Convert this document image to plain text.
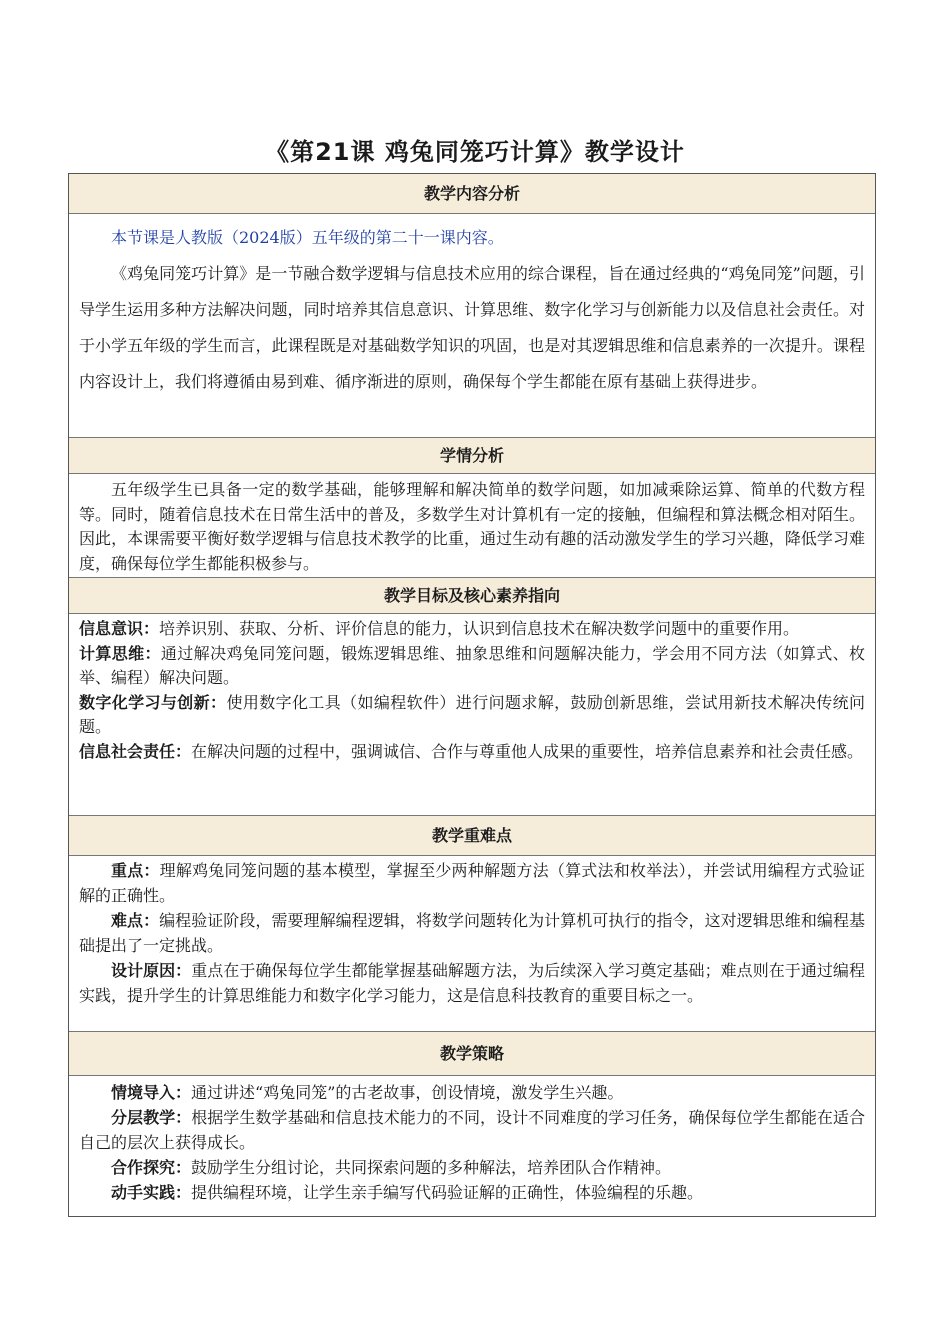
《第21课 鸡兔同笼巧计算》教学设计
教学内容分析

本节课是人教版（2024版）五年级的第二十一课内容。

《鸡兔同笼巧计算》是一节融合数学逻辑与信息技术应用的综合课程，旨在通过经典的“鸡兔同笼”问题，引导学生运用多种方法解决问题，同时培养其信息意识、计算思维、数字化学习与创新能力以及信息社会责任。对于小学五年级的学生而言，此课程既是对基础数学知识的巩固，也是对其逻辑思维和信息素养的一次提升。课程内容设计上，我们将遵循由易到难、循序渐进的原则，确保每个学生都能在原有基础上获得进步。

学情分析

五年级学生已具备一定的数学基础，能够理解和解决简单的数学问题，如加减乘除运算、简单的代数方程等。同时，随着信息技术在日常生活中的普及，多数学生对计算机有一定的接触，但编程和算法概念相对陌生。因此，本课需要平衡好数学逻辑与信息技术教学的比重，通过生动有趣的活动激发学生的学习兴趣，降低学习难度，确保每位学生都能积极参与。

教学目标及核心素养指向

信息意识：培养识别、获取、分析、评价信息的能力，认识到信息技术在解决数学问题中的重要作用。

计算思维：通过解决鸡兔同笼问题，锻炼逻辑思维、抽象思维和问题解决能力，学会用不同方法（如算式、枚举、编程）解决问题。

数字化学习与创新：使用数字化工具（如编程软件）进行问题求解，鼓励创新思维，尝试用新技术解决传统问题。

信息社会责任：在解决问题的过程中，强调诚信、合作与尊重他人成果的重要性，培养信息素养和社会责任感。

教学重难点

重点：理解鸡兔同笼问题的基本模型，掌握至少两种解题方法（算式法和枚举法），并尝试用编程方式验证解的正确性。

难点：编程验证阶段，需要理解编程逻辑，将数学问题转化为计算机可执行的指令，这对逻辑思维和编程基础提出了一定挑战。

设计原因：重点在于确保每位学生都能掌握基础解题方法，为后续深入学习奠定基础；难点则在于通过编程实践，提升学生的计算思维能力和数字化学习能力，这是信息科技教育的重要目标之一。

教学策略

情境导入：通过讲述“鸡兔同笼”的古老故事，创设情境，激发学生兴趣。

分层教学：根据学生数学基础和信息技术能力的不同，设计不同难度的学习任务，确保每位学生都能在适合自己的层次上获得成长。

合作探究：鼓励学生分组讨论，共同探索问题的多种解法，培养团队合作精神。

动手实践：提供编程环境，让学生亲手编写代码验证解的正确性，体验编程的乐趣。
